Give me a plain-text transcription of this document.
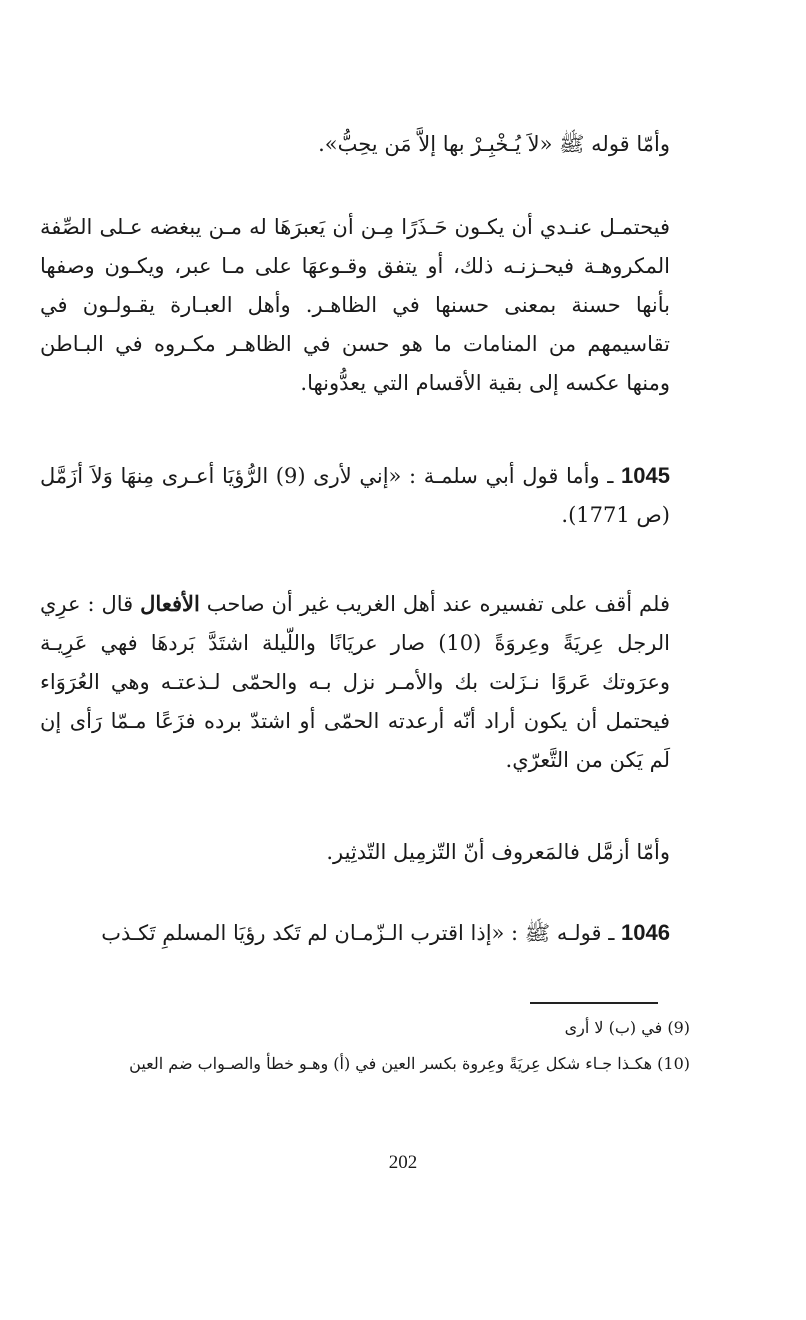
وأمّا قوله ﷺ «لاَ يُـخْبِـرْ بها إلاَّ مَن يحِبُّ».

فيحتمـل عنـدي أن يكـون حَـذَرًا مِـن أن يَعبرَهَا له مـن يبغضه عـلى الصِّفة المكروهـة فيحـزنـه ذلك، أو يتفق وقـوعهَا على مـا عبر، ويكـون وصفها بأنها حسنة بمعنى حسنها في الظاهـر. وأهل العبـارة يقـولـون في تقاسيمهم من المنامات ما هو حسن في الظاهـر مكـروه في البـاطن ومنها عكسه إلى بقية الأقسام التي يعدُّونها.

1045 ـ وأما قول أبي سلمـة : «إني لأرى (9) الرُّؤيَا أعـرى مِنهَا وَلاَ أزَمَّل (ص 1771).

فلم أقف على تفسيره عند أهل الغريب غير أن صاحب الأفعال قال : عرِي الرجل عِريَةً وعِروَةً (10) صار عريَانًا واللّيلة اشتَدَّ بَردهَا فهي عَرِيـة وعرَوتك عَروًا نـزَلت بك والأمـر نزل بـه والحمّى لـذعتـه وهي العُرَوَاء فيحتمل أن يكون أراد أنّه أرعدته الحمّى أو اشتدّ برده فزَعًا مـمّا رَأى إن لَم يَكن من التَّعرّي.

وأمّا أزمَّل فالمَعروف أنّ التّزمِيل التّدثِير.

1046 ـ قولـه ﷺ : «إذا اقترب الـزّمـان لم تَكد رؤيَا المسلمِ تَكـذب

(9) في (ب) لا أرى

(10) هكـذا جـاء شكل عِريَةً وعِروة بكسر العين في (أ) وهـو خطأ والصـواب ضم العين

202
